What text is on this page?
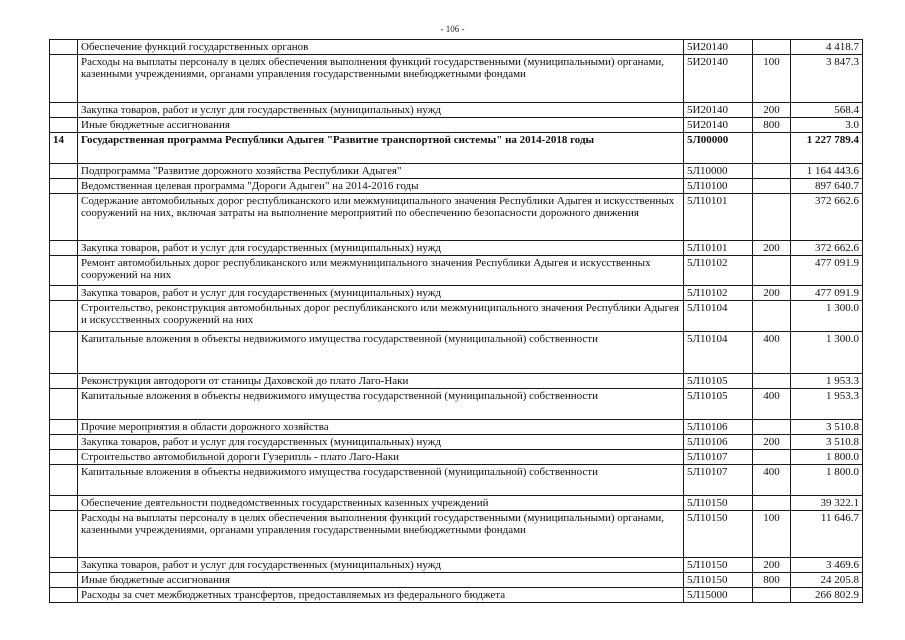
- 106 -
	Обеспечение функций государственных органов	5И20140		4 418.7
	Расходы на выплаты персоналу в целях обеспечения выполнения функций государственными (муниципальными) органами, казенными учреждениями, органами управления государственными внебюджетными фондами	5И20140	100	3 847.3
	Закупка товаров, работ и услуг для государственных (муниципальных) нужд	5И20140	200	568.4
	Иные бюджетные ассигнования	5И20140	800	3.0
14	Государственная программа Республики Адыгея "Развитие транспортной системы" на 2014-2018 годы	5Л00000		1 227 789.4
	Подпрограмма "Развитие дорожного хозяйства Республики Адыгея"	5Л10000		1 164 443.6
	Ведомственная целевая программа "Дороги Адыгеи" на 2014-2016 годы	5Л10100		897 640.7
	Содержание автомобильных дорог республиканского или межмуниципального значения Республики Адыгея и искусственных сооружений на них, включая затраты на выполнение мероприятий по обеспечению безопасности дорожного движения	5Л10101		372 662.6
	Закупка товаров, работ и услуг для государственных (муниципальных) нужд	5Л10101	200	372 662.6
	Ремонт автомобильных дорог республиканского или межмуниципального значения Республики Адыгея и искусственных сооружений на них	5Л10102		477 091.9
	Закупка товаров, работ и услуг для государственных (муниципальных) нужд	5Л10102	200	477 091.9
	Строительство, реконструкция автомобильных дорог республиканского или межмуниципального значения Республики Адыгея и искусственных сооружений на них	5Л10104		1 300.0
	Капитальные вложения в объекты недвижимого имущества государственной (муниципальной) собственности	5Л10104	400	1 300.0
	Реконструкция автодороги от станицы Даховской до плато Лаго-Наки	5Л10105		1 953.3
	Капитальные вложения в объекты недвижимого имущества государственной (муниципальной) собственности	5Л10105	400	1 953.3
	Прочие мероприятия в области дорожного хозяйства	5Л10106		3 510.8
	Закупка товаров, работ и услуг для государственных (муниципальных) нужд	5Л10106	200	3 510.8
	Строительство автомобильной дороги Гузерипль - плато Лаго-Наки	5Л10107		1 800.0
	Капитальные вложения в объекты недвижимого имущества государственной (муниципальной) собственности	5Л10107	400	1 800.0
	Обеспечение деятельности подведомственных государственных казенных учреждений	5Л10150		39 322.1
	Расходы на выплаты персоналу в целях обеспечения выполнения функций государственными (муниципальными) органами, казенными учреждениями, органами управления государственными внебюджетными фондами	5Л10150	100	11 646.7
	Закупка товаров, работ и услуг для государственных (муниципальных) нужд	5Л10150	200	3 469.6
	Иные бюджетные ассигнования	5Л10150	800	24 205.8
	Расходы за счет межбюджетных трансфертов, предоставляемых из федерального бюджета	5Л15000		266 802.9
